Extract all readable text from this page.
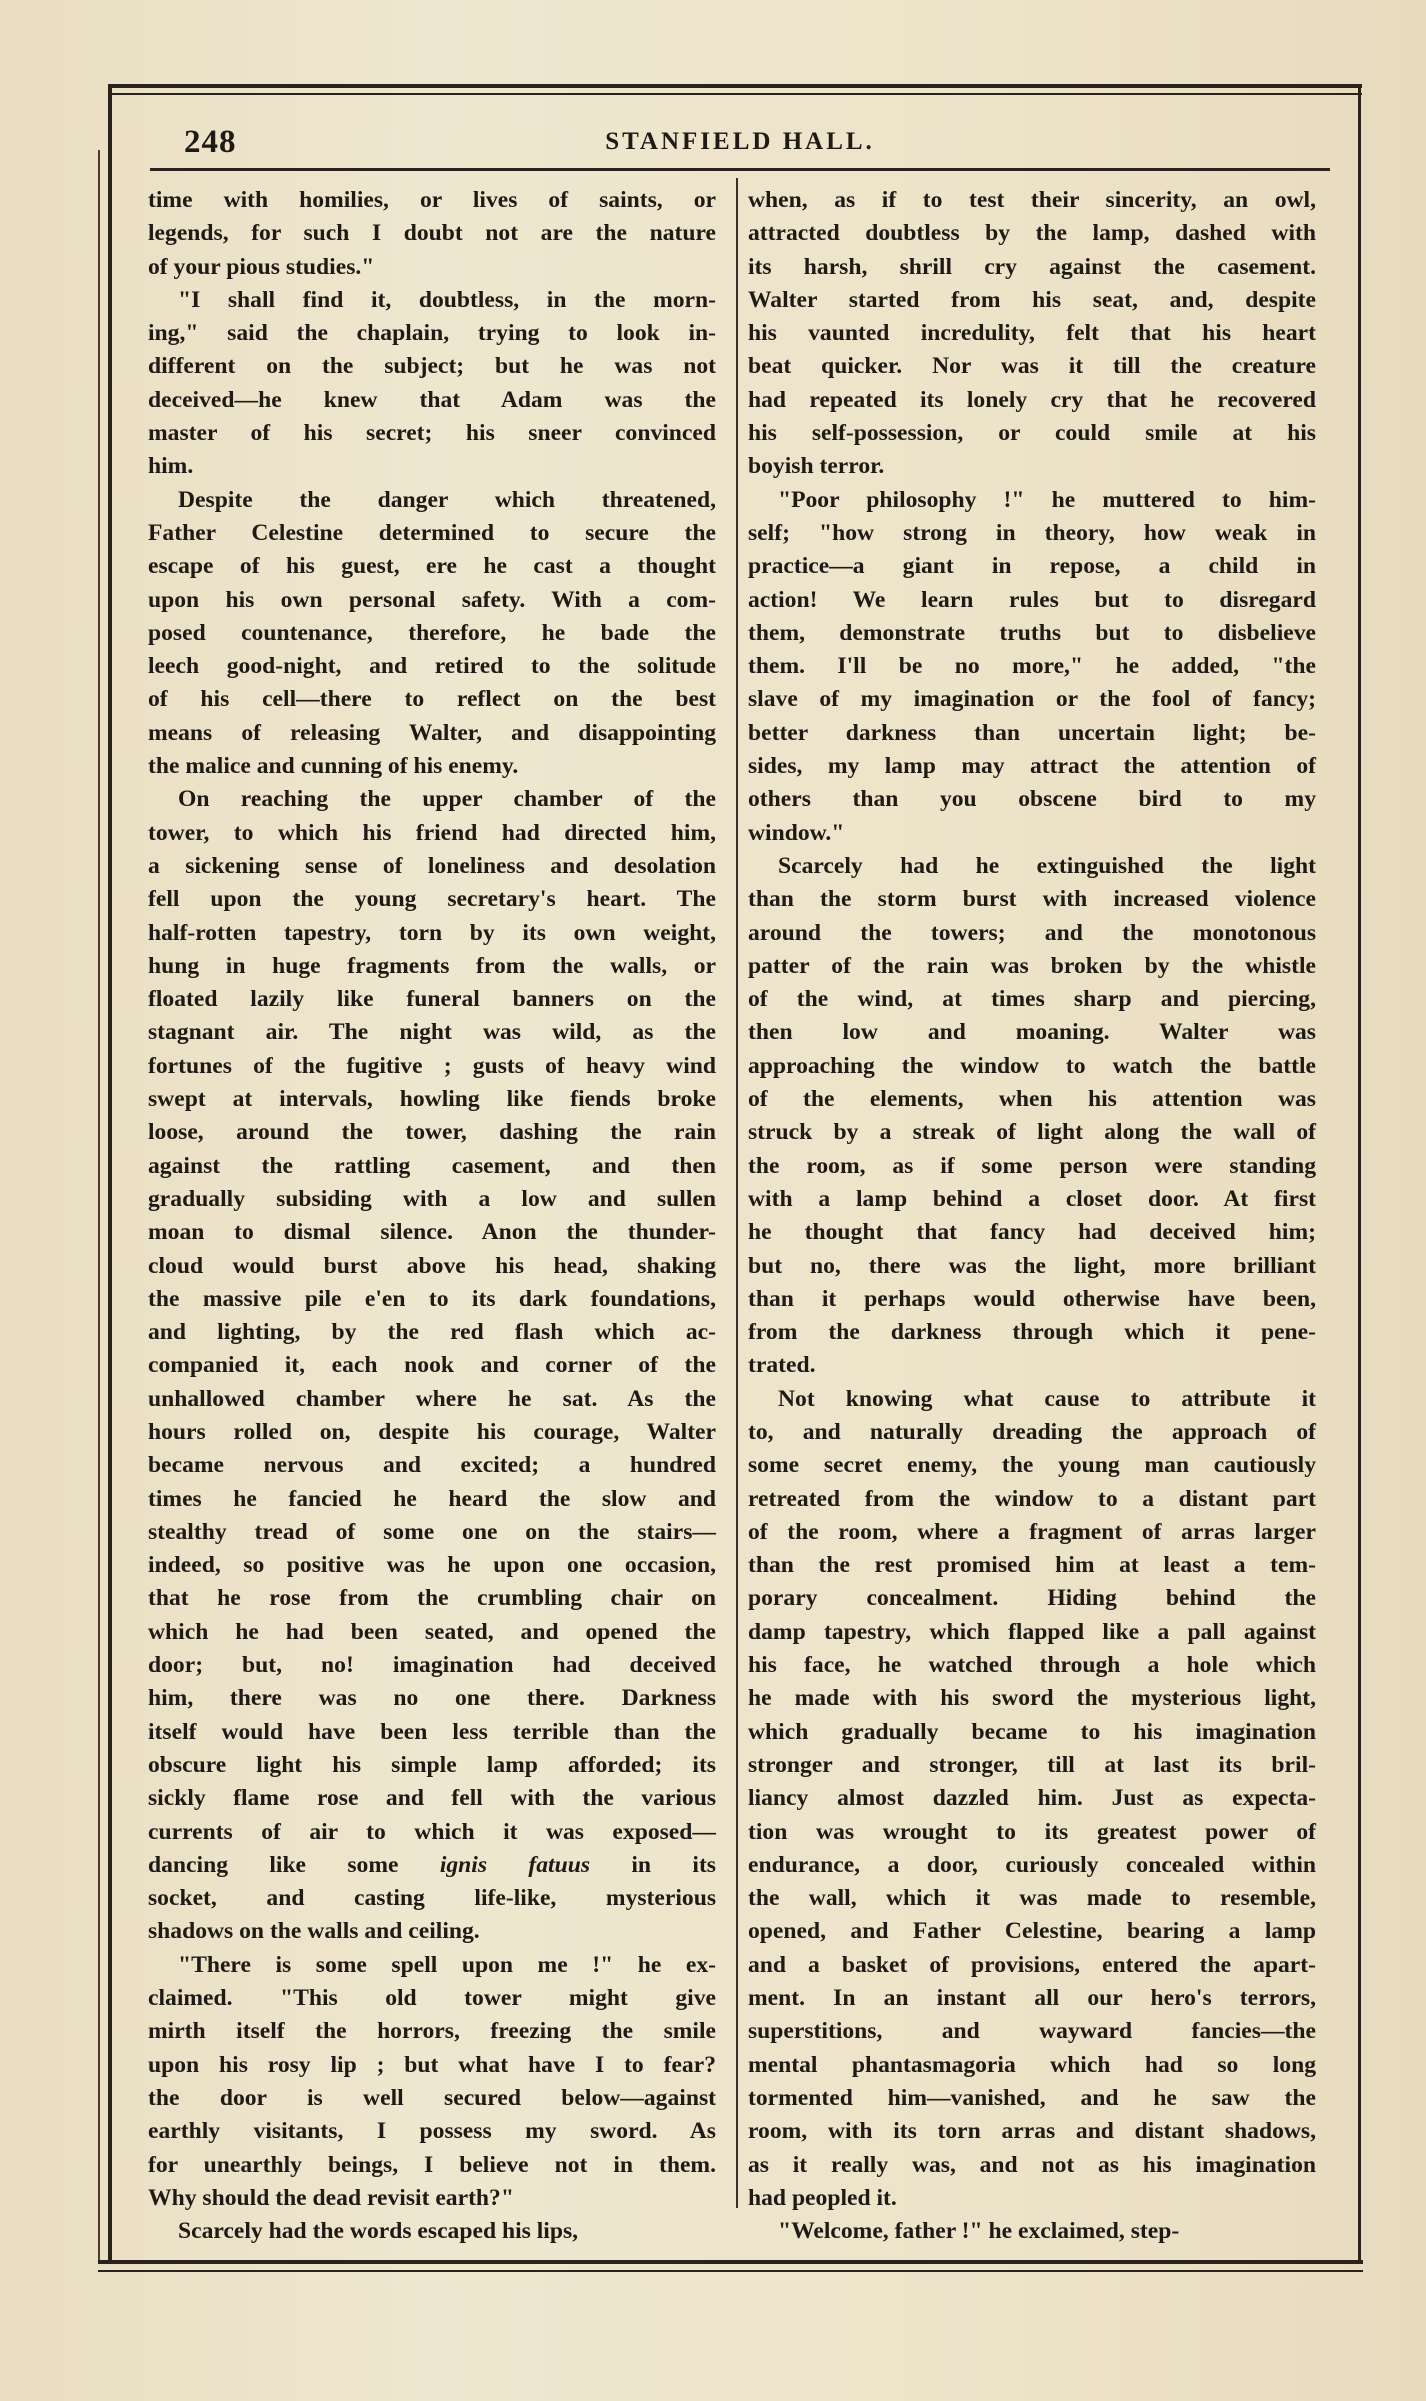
248	STANFIELD HALL.

time with homilies, or lives of saints, or
legends, for such I doubt not are the nature
of your pious studies."

"I shall find it, doubtless, in the morn-
ing," said the chaplain, trying to look in-
different on the subject; but he was not
deceived—he knew that Adam was the
master of his secret; his sneer convinced
him.

Despite the danger which threatened,
Father Celestine determined to secure the
escape of his guest, ere he cast a thought
upon his own personal safety. With a com-
posed countenance, therefore, he bade the
leech good-night, and retired to the solitude
of his cell—there to reflect on the best
means of releasing Walter, and disappointing
the malice and cunning of his enemy.

On reaching the upper chamber of the
tower, to which his friend had directed him,
a sickening sense of loneliness and desolation
fell upon the young secretary's heart. The
half-rotten tapestry, torn by its own weight,
hung in huge fragments from the walls, or
floated lazily like funeral banners on the
stagnant air. The night was wild, as the
fortunes of the fugitive ; gusts of heavy wind
swept at intervals, howling like fiends broke
loose, around the tower, dashing the rain
against the rattling casement, and then
gradually subsiding with a low and sullen
moan to dismal silence. Anon the thunder-
cloud would burst above his head, shaking
the massive pile e'en to its dark foundations,
and lighting, by the red flash which ac-
companied it, each nook and corner of the
unhallowed chamber where he sat. As the
hours rolled on, despite his courage, Walter
became nervous and excited; a hundred
times he fancied he heard the slow and
stealthy tread of some one on the stairs—
indeed, so positive was he upon one occasion,
that he rose from the crumbling chair on
which he had been seated, and opened the
door; but, no! imagination had deceived
him, there was no one there. Darkness
itself would have been less terrible than the
obscure light his simple lamp afforded; its
sickly flame rose and fell with the various
currents of air to which it was exposed—
dancing like some ignis fatuus in its
socket, and casting life-like, mysterious
shadows on the walls and ceiling.

"There is some spell upon me !" he ex-
claimed. "This old tower might give
mirth itself the horrors, freezing the smile
upon his rosy lip ; but what have I to fear?
the door is well secured below—against
earthly visitants, I possess my sword. As
for unearthly beings, I believe not in them.
Why should the dead revisit earth?"

Scarcely had the words escaped his lips,

when, as if to test their sincerity, an owl,
attracted doubtless by the lamp, dashed with
its harsh, shrill cry against the casement.
Walter started from his seat, and, despite
his vaunted incredulity, felt that his heart
beat quicker. Nor was it till the creature
had repeated its lonely cry that he recovered
his self-possession, or could smile at his
boyish terror.

"Poor philosophy !" he muttered to him-
self; "how strong in theory, how weak in
practice—a giant in repose, a child in
action! We learn rules but to disregard
them, demonstrate truths but to disbelieve
them. I'll be no more," he added, "the
slave of my imagination or the fool of fancy;
better darkness than uncertain light; be-
sides, my lamp may attract the attention of
others than you obscene bird to my
window."

Scarcely had he extinguished the light
than the storm burst with increased violence
around the towers; and the monotonous
patter of the rain was broken by the whistle
of the wind, at times sharp and piercing,
then low and moaning. Walter was
approaching the window to watch the battle
of the elements, when his attention was
struck by a streak of light along the wall of
the room, as if some person were standing
with a lamp behind a closet door. At first
he thought that fancy had deceived him;
but no, there was the light, more brilliant
than it perhaps would otherwise have been,
from the darkness through which it pene-
trated.

Not knowing what cause to attribute it
to, and naturally dreading the approach of
some secret enemy, the young man cautiously
retreated from the window to a distant part
of the room, where a fragment of arras larger
than the rest promised him at least a tem-
porary concealment. Hiding behind the
damp tapestry, which flapped like a pall against
his face, he watched through a hole which
he made with his sword the mysterious light,
which gradually became to his imagination
stronger and stronger, till at last its bril-
liancy almost dazzled him. Just as expecta-
tion was wrought to its greatest power of
endurance, a door, curiously concealed within
the wall, which it was made to resemble,
opened, and Father Celestine, bearing a lamp
and a basket of provisions, entered the apart-
ment. In an instant all our hero's terrors,
superstitions, and wayward fancies—the
mental phantasmagoria which had so long
tormented him—vanished, and he saw the
room, with its torn arras and distant shadows,
as it really was, and not as his imagination
had peopled it.

"Welcome, father !" he exclaimed, step-
